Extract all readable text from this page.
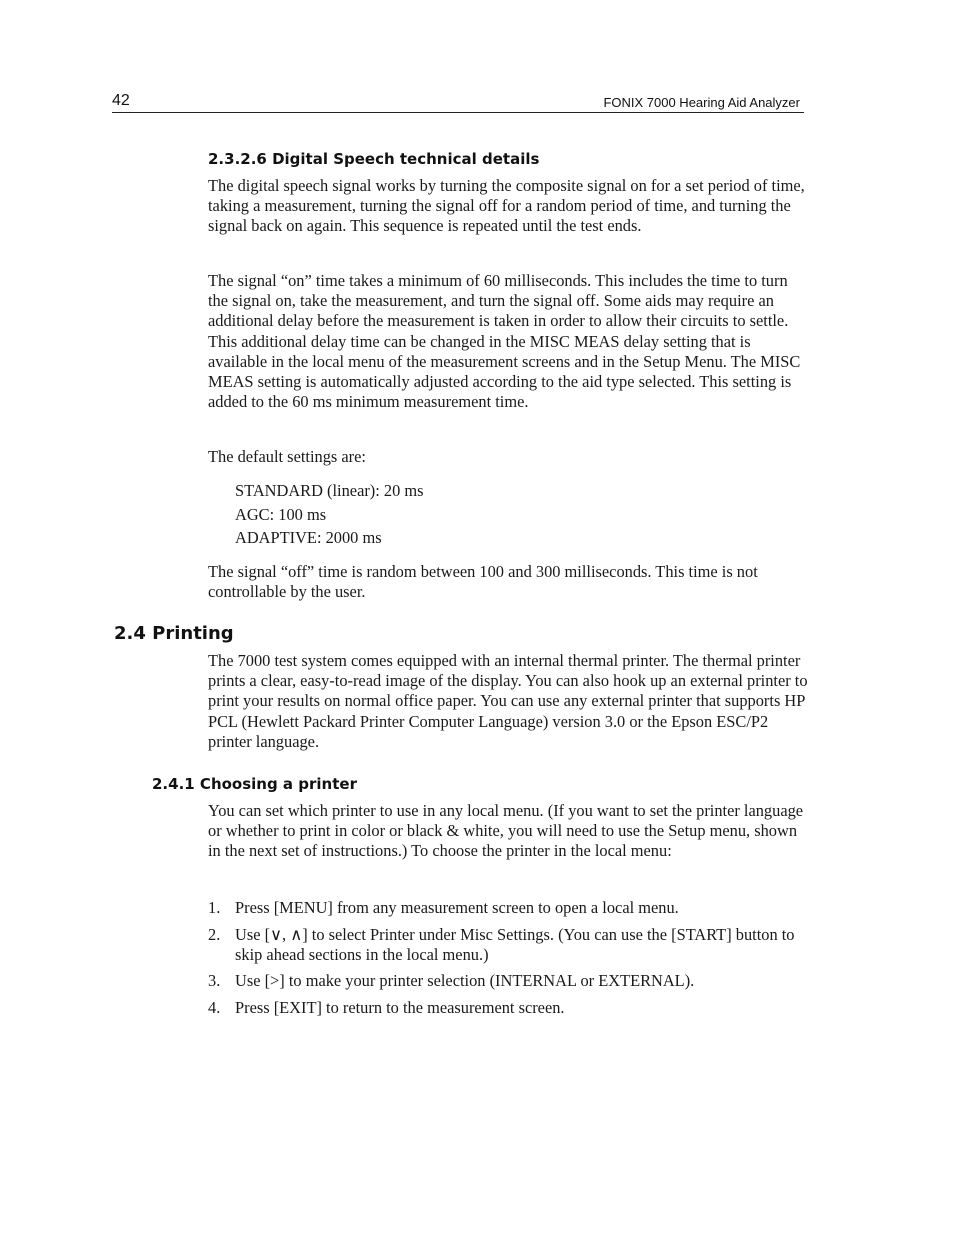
42	FONIX 7000 Hearing Aid Analyzer
2.3.2.6 Digital Speech technical details

The digital speech signal works by turning the composite signal on for a set period of time, taking a measurement, turning the signal off for a random period of time, and turning the signal back on again. This sequence is repeated until the test ends.

The signal “on” time takes a minimum of 60 milliseconds. This includes the time to turn the signal on, take the measurement, and turn the signal off. Some aids may require an additional delay before the measurement is taken in order to allow their circuits to settle. This additional delay time can be changed in the MISC MEAS delay setting that is available in the local menu of the measurement screens and in the Setup Menu. The MISC MEAS setting is automatically adjusted according to the aid type selected. This setting is added to the 60 ms minimum measurement time.

The default settings are:

STANDARD (linear): 20 ms

AGC: 100 ms

ADAPTIVE: 2000 ms

The signal “off” time is random between 100 and 300 milliseconds. This time is not controllable by the user.

2.4 Printing

The 7000 test system comes equipped with an internal thermal printer. The thermal printer prints a clear, easy-to-read image of the display. You can also hook up an external printer to print your results on normal office paper. You can use any external printer that supports HP PCL (Hewlett Packard Printer Computer Language) version 3.0 or the Epson ESC/P2 printer language.

2.4.1 Choosing a printer

You can set which printer to use in any local menu. (If you want to set the printer language or whether to print in color or black & white, you will need to use the Setup menu, shown in the next set of instructions.) To choose the printer in the local menu:

1. Press [MENU] from any measurement screen to open a local menu.
2. Use [∨, ∧] to select Printer under Misc Settings. (You can use the [START] button to skip ahead sections in the local menu.)
3. Use [>] to make your printer selection (INTERNAL or EXTERNAL).
4. Press [EXIT] to return to the measurement screen.
